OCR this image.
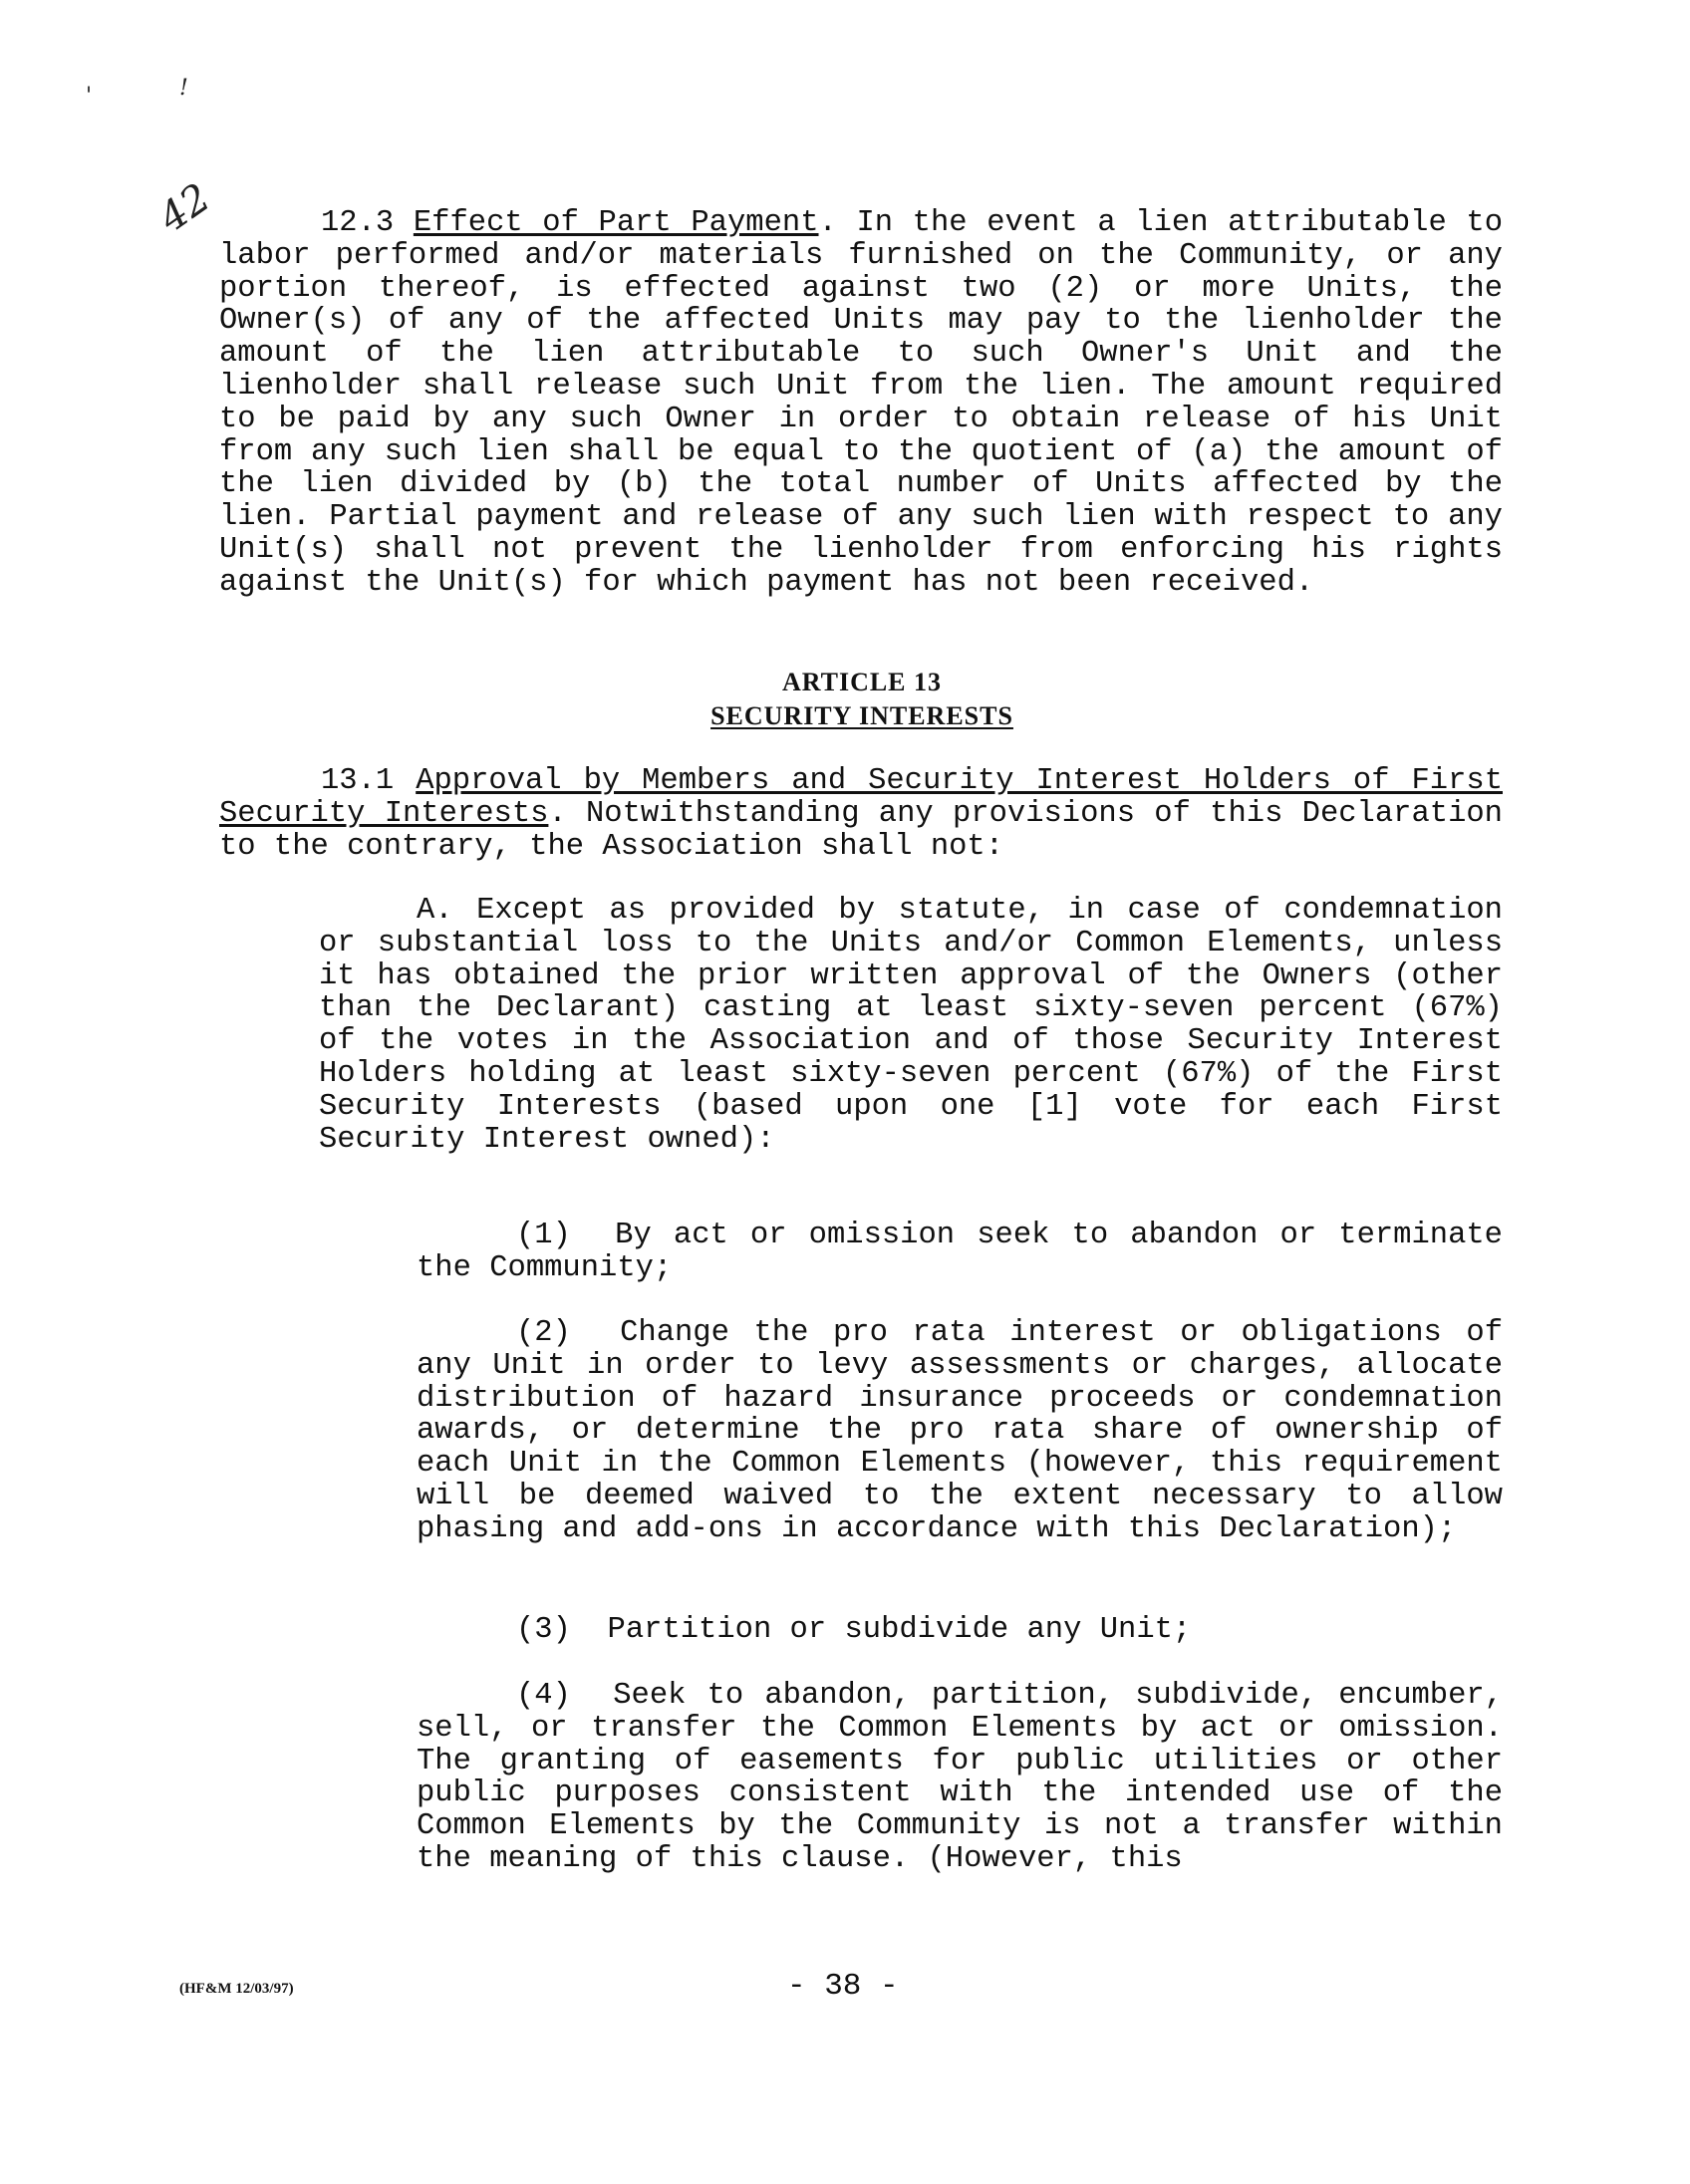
'	!
42	12.3 Effect of Part Payment. In the event a lien attributable to labor performed and/or materials furnished on the Community, or any portion thereof, is effected against two (2) or more Units, the Owner(s) of any of the affected Units may pay to the lienholder the amount of the lien attributable to such Owner's Unit and the lienholder shall release such Unit from the lien. The amount required to be paid by any such Owner in order to obtain release of his Unit from any such lien shall be equal to the quotient of (a) the amount of the lien divided by (b) the total number of Units affected by the lien. Partial payment and release of any such lien with respect to any Unit(s) shall not prevent the lienholder from enforcing his rights against the Unit(s) for which payment has not been received.
ARTICLE 13
SECURITY INTERESTS
13.1 Approval by Members and Security Interest Holders of First Security Interests. Notwithstanding any provisions of this Declaration to the contrary, the Association shall not:
A. Except as provided by statute, in case of condemnation or substantial loss to the Units and/or Common Elements, unless it has obtained the prior written approval of the Owners (other than the Declarant) casting at least sixty-seven percent (67%) of the votes in the Association and of those Security Interest Holders holding at least sixty-seven percent (67%) of the First Security Interests (based upon one [1] vote for each First Security Interest owned):
(1) By act or omission seek to abandon or terminate the Community;
(2) Change the pro rata interest or obligations of any Unit in order to levy assessments or charges, allocate distribution of hazard insurance proceeds or condemnation awards, or determine the pro rata share of ownership of each Unit in the Common Elements (however, this requirement will be deemed waived to the extent necessary to allow phasing and add-ons in accordance with this Declaration);
(3) Partition or subdivide any Unit;
(4) Seek to abandon, partition, subdivide, encumber, sell, or transfer the Common Elements by act or omission. The granting of easements for public utilities or other public purposes consistent with the intended use of the Common Elements by the Community is not a transfer within the meaning of this clause. (However, this
(HF&M 12/03/97)	- 38 -
